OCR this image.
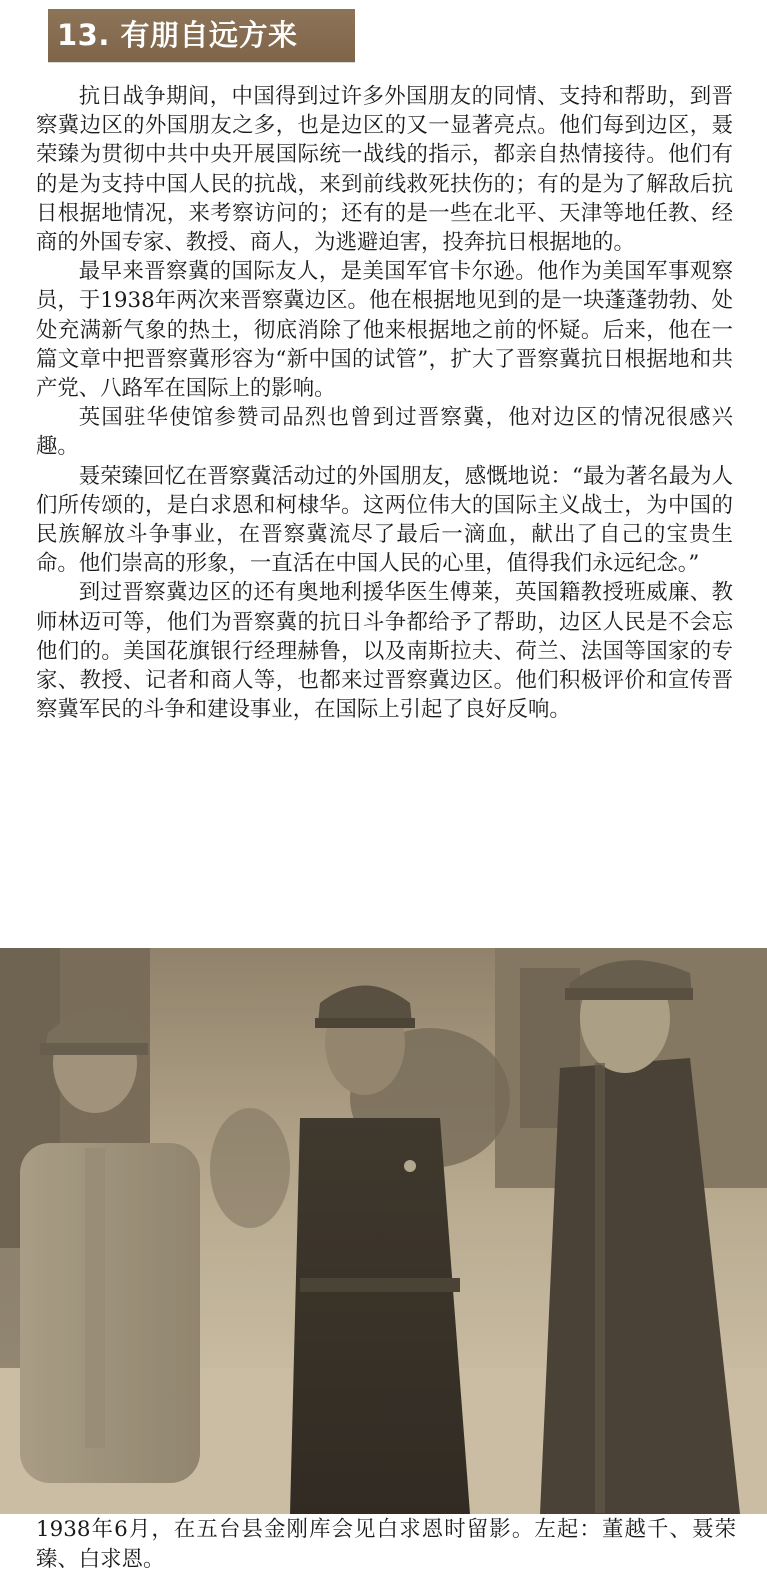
13. 有朋自远方来

抗日战争期间，中国得到过许多外国朋友的同情、支持和帮助，到晋察冀边区的外国朋友之多，也是边区的又一显著亮点。他们每到边区，聂荣臻为贯彻中共中央开展国际统一战线的指示，都亲自热情接待。他们有的是为支持中国人民的抗战，来到前线救死扶伤的；有的是为了解敌后抗日根据地情况，来考察访问的；还有的是一些在北平、天津等地任教、经商的外国专家、教授、商人，为逃避迫害，投奔抗日根据地的。

最早来晋察冀的国际友人，是美国军官卡尔逊。他作为美国军事观察员，于1938年两次来晋察冀边区。他在根据地见到的是一块蓬蓬勃勃、处处充满新气象的热土，彻底消除了他来根据地之前的怀疑。后来，他在一篇文章中把晋察冀形容为“新中国的试管”，扩大了晋察冀抗日根据地和共产党、八路军在国际上的影响。

英国驻华使馆参赞司品烈也曾到过晋察冀，他对边区的情况很感兴趣。

聂荣臻回忆在晋察冀活动过的外国朋友，感慨地说：“最为著名最为人们所传颂的，是白求恩和柯棣华。这两位伟大的国际主义战士，为中国的民族解放斗争事业，在晋察冀流尽了最后一滴血，献出了自己的宝贵生命。他们崇高的形象，一直活在中国人民的心里，值得我们永远纪念。”

到过晋察冀边区的还有奥地利援华医生傅莱，英国籍教授班威廉、教师林迈可等，他们为晋察冀的抗日斗争都给予了帮助，边区人民是不会忘他们的。美国花旗银行经理赫鲁，以及南斯拉夫、荷兰、法国等国家的专家、教授、记者和商人等，也都来过晋察冀边区。他们积极评价和宣传晋察冀军民的斗争和建设事业，在国际上引起了良好反响。

1938年6月，在五台县金刚库会见白求恩时留影。左起：董越千、聂荣臻、白求恩。
